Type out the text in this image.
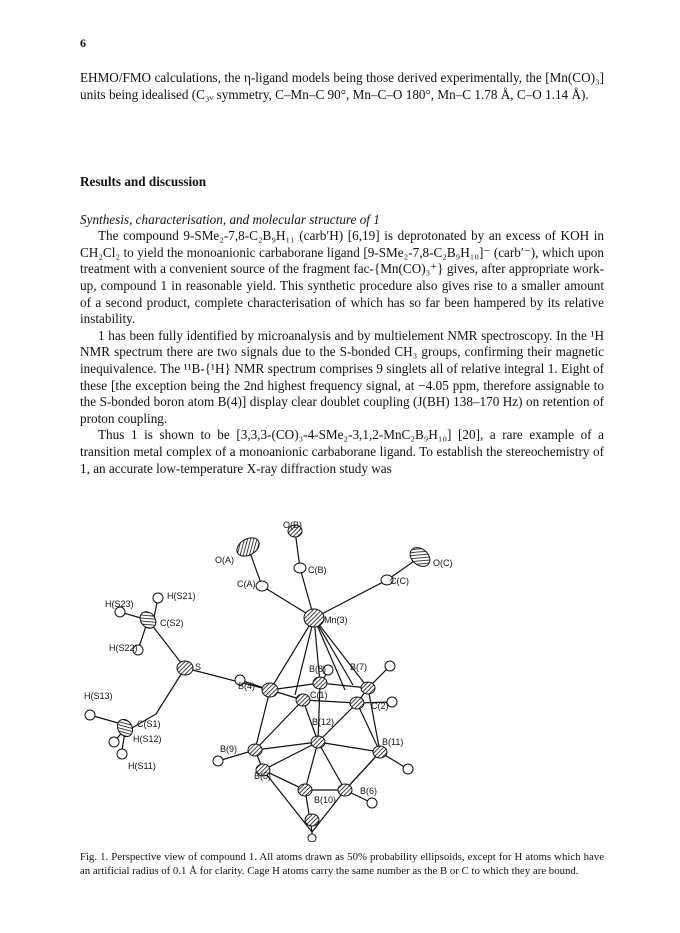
6

EHMO/FMO calculations, the η-ligand models being those derived experimentally, the [Mn(CO)₃] units being idealised (C₃ᵥ symmetry, C–Mn–C 90°, Mn–C–O 180°, Mn–C 1.78 Å, C–O 1.14 Å).

Results and discussion

Synthesis, characterisation, and molecular structure of 1

The compound 9-SMe₂-7,8-C₂B₉H₁₁ (carb′H) [6,19] is deprotonated by an excess of KOH in CH₂Cl₂ to yield the monoanionic carbaborane ligand [9-SMe₂-7,8-C₂B₉H₁₀]⁻ (carb′⁻), which upon treatment with a convenient source of the fragment fac-{Mn(CO)₃⁺} gives, after appropriate work-up, compound 1 in reasonable yield. This synthetic procedure also gives rise to a smaller amount of a second product, complete characterisation of which has so far been hampered by its relative instability.

1 has been fully identified by microanalysis and by multielement NMR spectroscopy. In the ¹H NMR spectrum there are two signals due to the S-bonded CH₃ groups, confirming their magnetic inequivalence. The ¹¹B-{¹H} NMR spectrum comprises 9 singlets all of relative integral 1. Eight of these [the exception being the 2nd highest frequency signal, at −4.05 ppm, therefore assignable to the S-bonded boron atom B(4)] display clear doublet coupling (J(BH) 138–170 Hz) on retention of proton coupling.

Thus 1 is shown to be [3,3,3-(CO)₃-4-SMe₂-3,1,2-MnC₂B₉H₁₀] [20], a rare example of a transition metal complex of a monoanionic carbaborane ligand. To establish the stereochemistry of 1, an accurate low-temperature X-ray diffraction study was

O(B)
O(A)
C(B)
C(A)
O(C)
C(C)
H(S21)
H(S23)
C(S2)	Mn(3)
H(S22)
S	B(8)	B(7)
B(4)
C(1)
H(S13)
C(2)
C(S1)	B(12)
H(S12)	B(11)
B(9)
H(S11)
B(5)
B(6)
B(10)
Fig. 1. Perspective view of compound 1. All atoms drawn as 50% probability ellipsoids, except for H atoms which have an artificial radius of 0.1 Å for clarity. Cage H atoms carry the same number as the B or C to which they are bound.
